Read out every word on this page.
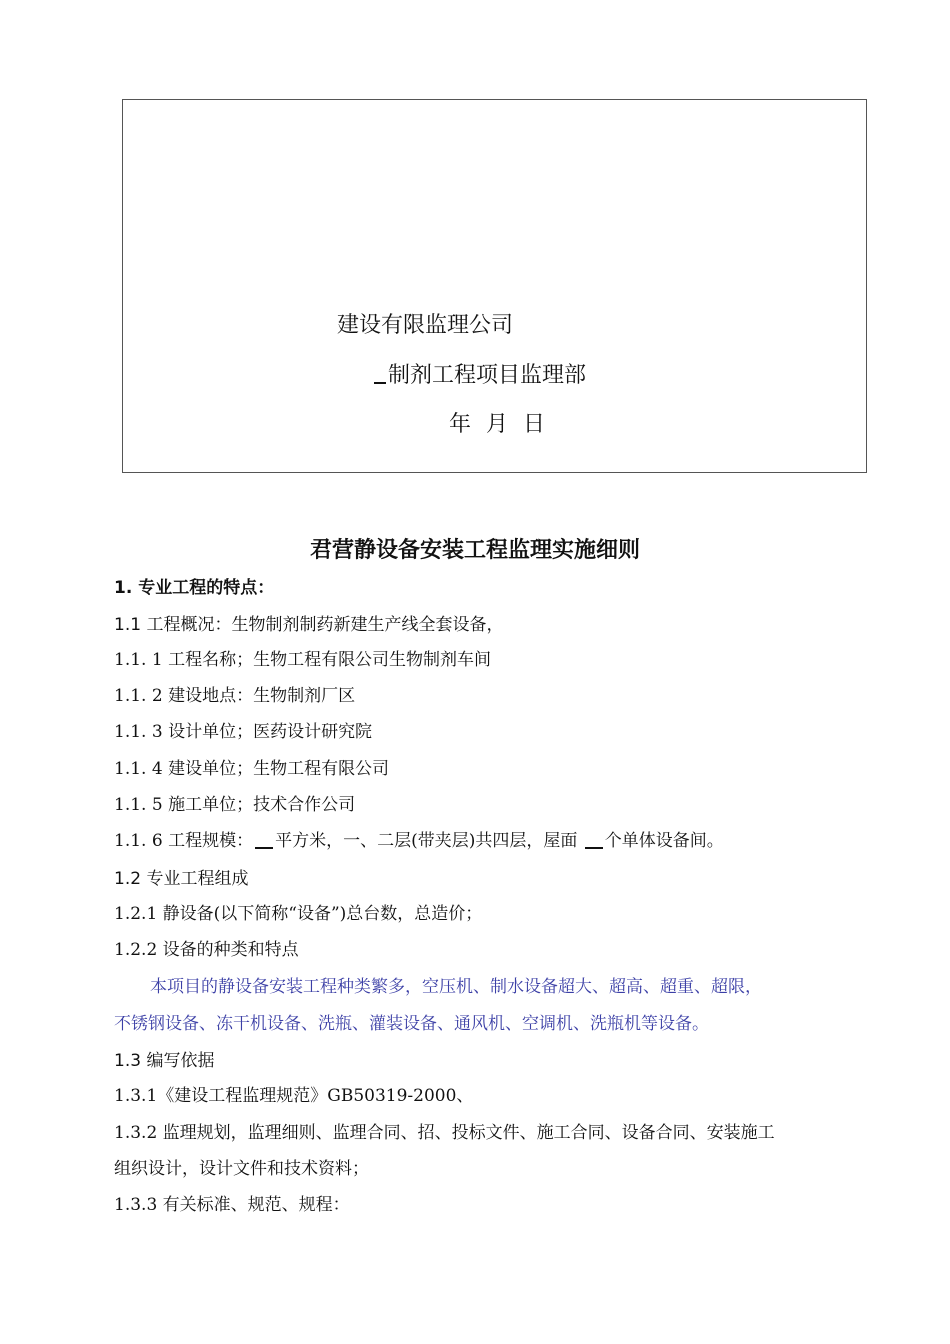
建设有限监理公司
制剂工程项目监理部
年 月 日
君营静设备安装工程监理实施细则
1. 专业工程的特点：
1.1 工程概况：生物制剂制药新建生产线全套设备，
1.1. 1 工程名称；生物工程有限公司生物制剂车间
1.1. 2 建设地点：生物制剂厂区
1.1. 3 设计单位；医药设计研究院
1.1. 4 建设单位；生物工程有限公司
1.1. 5 施工单位；技术合作公司
1.1. 6 工程规模： 平方米，一、二层(带夹层)共四层，屋面 个单体设备间。
1.2 专业工程组成
1.2.1 静设备(以下简称“设备”)总台数，总造价；
1.2.2 设备的种类和特点
本项目的静设备安装工程种类繁多，空压机、制水设备超大、超高、超重、超限，
不锈钢设备、冻干机设备、洗瓶、灌装设备、通风机、空调机、洗瓶机等设备。
1.3 编写依据
1.3.1《建设工程监理规范》GB50319-2000、
1.3.2 监理规划，监理细则、监理合同、招、投标文件、施工合同、设备合同、安装施工
组织设计，设计文件和技术资料；
1.3.3 有关标准、规范、规程：
